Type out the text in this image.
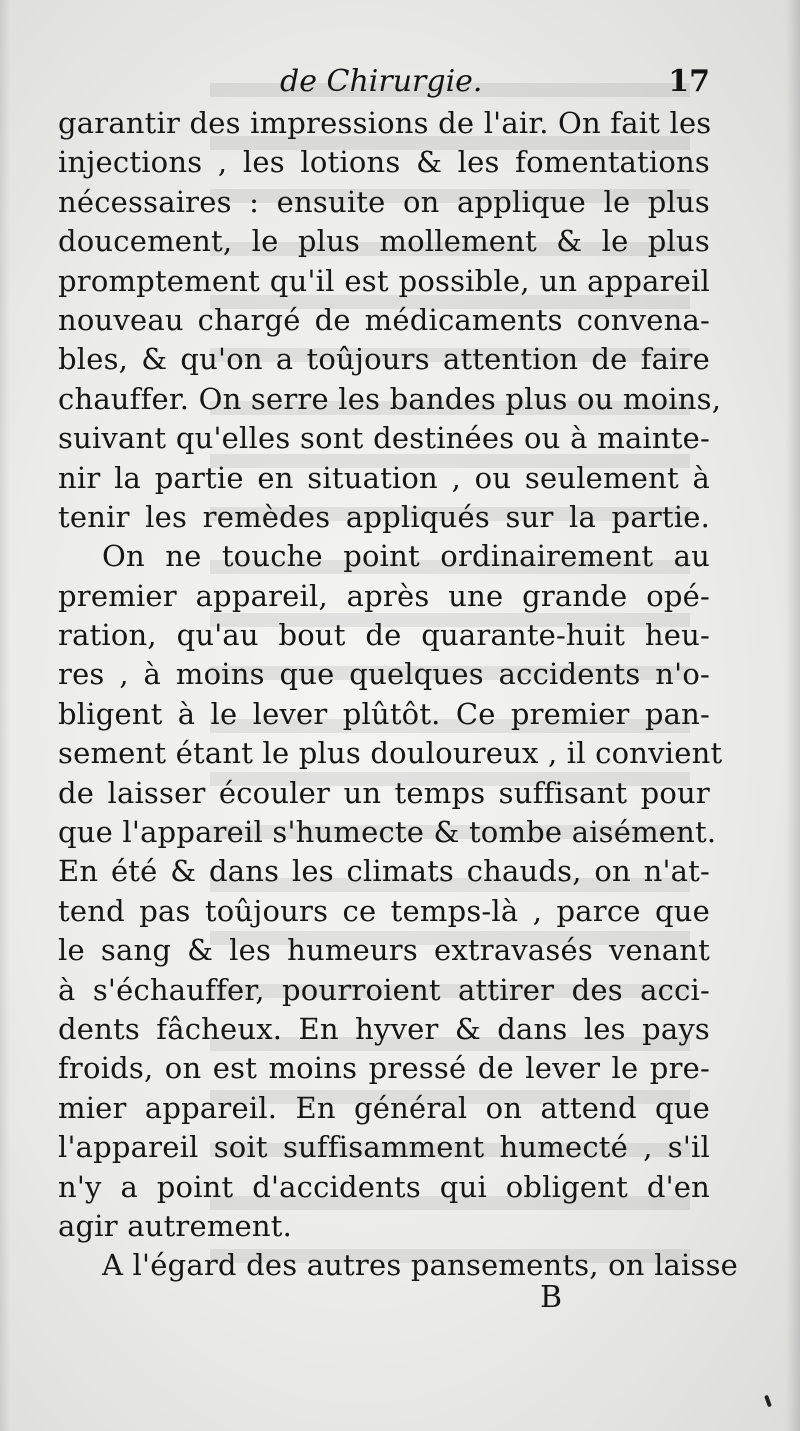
de Chirurgie.	17
garantir des impressions de l'air. On fait les
injections , les lotions & les fomentations
nécessaires : ensuite on applique le plus
doucement, le plus mollement & le plus
promptement qu'il est possible, un appareil
nouveau chargé de médicaments convena-
bles, & qu'on a toûjours attention de faire
chauffer. On serre les bandes plus ou moins,
suivant qu'elles sont destinées ou à mainte-
nir la partie en situation , ou seulement à
tenir les remèdes appliqués sur la partie.
On ne touche point ordinairement au
premier appareil, après une grande opé-
ration, qu'au bout de quarante-huit heu-
res , à moins que quelques accidents n'o-
bligent à le lever plûtôt. Ce premier pan-
sement étant le plus douloureux , il convient
de laisser écouler un temps suffisant pour
que l'appareil s'humecte & tombe aisément.
En été & dans les climats chauds, on n'at-
tend pas toûjours ce temps-là , parce que
le sang & les humeurs extravasés venant
à s'échauffer, pourroient attirer des acci-
dents fâcheux. En hyver & dans les pays
froids, on est moins pressé de lever le pre-
mier appareil. En général on attend que
l'appareil soit suffisamment humecté , s'il
n'y a point d'accidents qui obligent d'en
agir autrement.
A l'égard des autres pansements, on laisse
B
